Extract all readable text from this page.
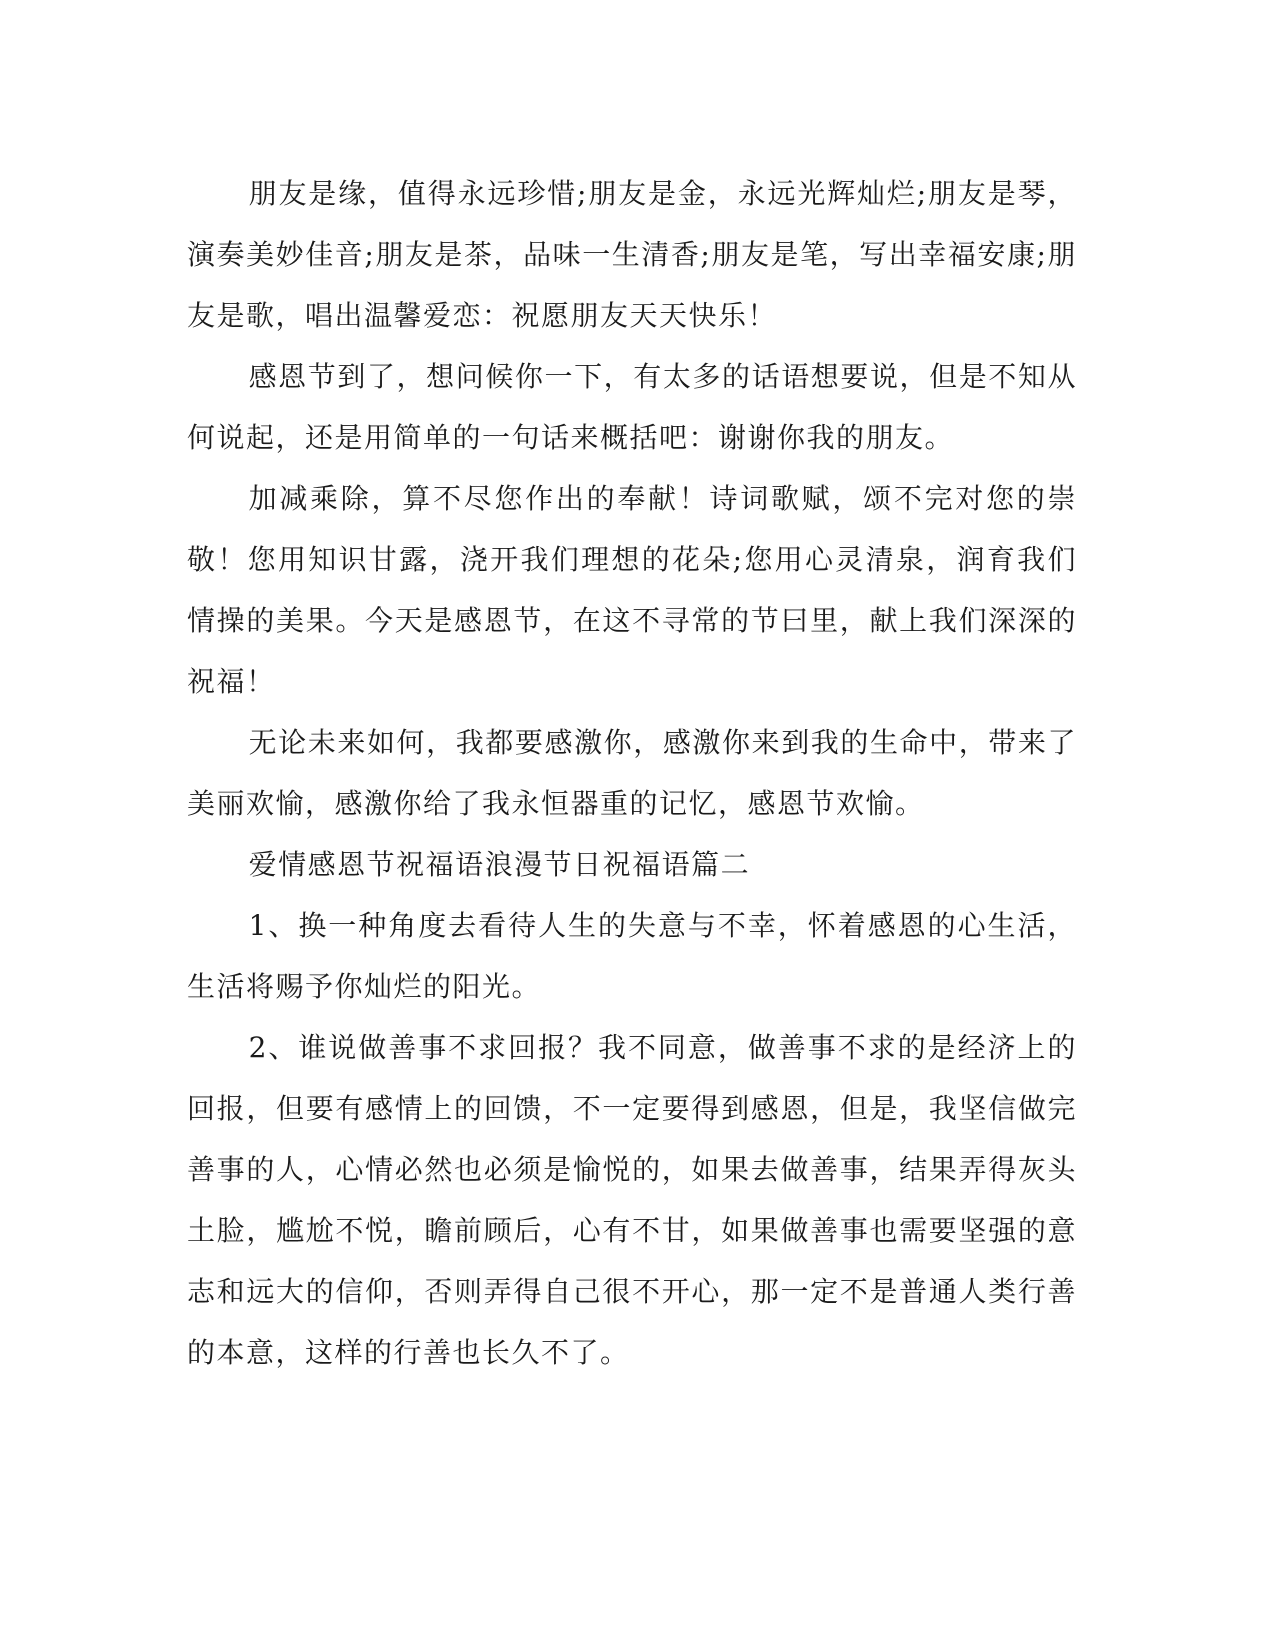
朋友是缘，值得永远珍惜;朋友是金，永远光辉灿烂;朋友是琴，演奏美妙佳音;朋友是茶，品味一生清香;朋友是笔，写出幸福安康;朋友是歌，唱出温馨爱恋：祝愿朋友天天快乐！

感恩节到了，想问候你一下，有太多的话语想要说，但是不知从何说起，还是用简单的一句话来概括吧：谢谢你我的朋友。

加减乘除，算不尽您作出的奉献！诗词歌赋，颂不完对您的崇敬！您用知识甘露，浇开我们理想的花朵;您用心灵清泉，润育我们情操的美果。今天是感恩节，在这不寻常的节曰里，献上我们深深的祝福！

无论未来如何，我都要感激你，感激你来到我的生命中，带来了美丽欢愉，感激你给了我永恒器重的记忆，感恩节欢愉。

爱情感恩节祝福语浪漫节日祝福语篇二

1、换一种角度去看待人生的失意与不幸，怀着感恩的心生活，生活将赐予你灿烂的阳光。

2、谁说做善事不求回报？我不同意，做善事不求的是经济上的回报，但要有感情上的回馈，不一定要得到感恩，但是，我坚信做完善事的人，心情必然也必须是愉悦的，如果去做善事，结果弄得灰头土脸，尴尬不悦，瞻前顾后，心有不甘，如果做善事也需要坚强的意志和远大的信仰，否则弄得自己很不开心，那一定不是普通人类行善的本意，这样的行善也长久不了。
